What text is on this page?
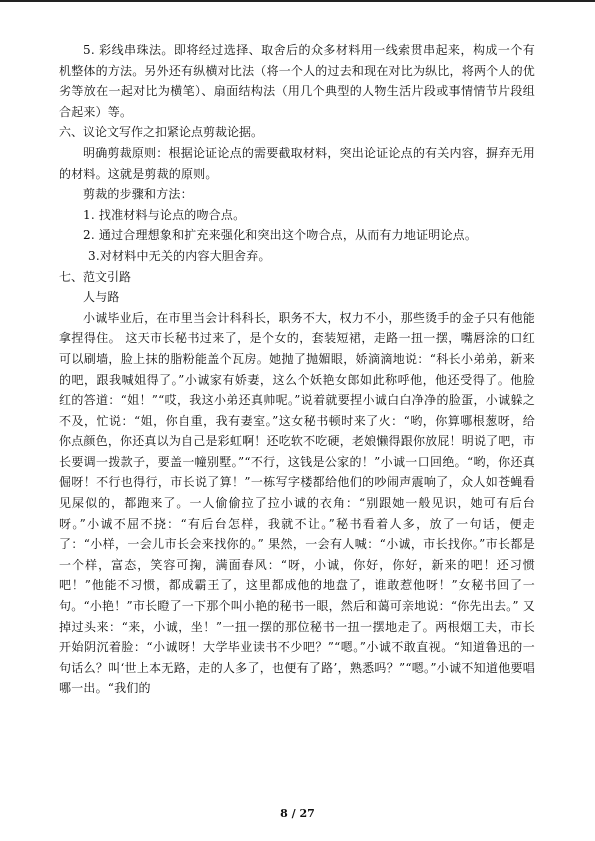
5. 彩线串珠法。即将经过选择、取舍后的众多材料用一线索贯串起来，构成一个有机整体的方法。另外还有纵横对比法（将一个人的过去和现在对比为纵比，将两个人的优劣等放在一起对比为横笔）、扇面结构法（用几个典型的人物生活片段或事情情节片段组合起来）等。

六、议论文写作之扣紧论点剪裁论据。

明确剪裁原则：根据论证论点的需要截取材料，突出论证论点的有关内容，摒弃无用的材料。这就是剪裁的原则。

剪裁的步骤和方法：

1. 找准材料与论点的吻合点。

2. 通过合理想象和扩充来强化和突出这个吻合点，从而有力地证明论点。

3.对材料中无关的内容大胆舍弃。

七、范文引路

人与路

小诚毕业后，在市里当会计科科长，职务不大，权力不小，那些烫手的金子只有他能拿捏得住。 这天市长秘书过来了，是个女的，套装短裙，走路一扭一摆，嘴唇涂的口红可以刷墙，脸上抹的脂粉能盖个瓦房。她抛了抛媚眼，娇滴滴地说：“科长小弟弟，新来的吧，跟我喊姐得了。”小诚家有娇妻，这么个妖艳女郎如此称呼他，他还受得了。他脸红的答道：“姐！”“哎，我这小弟还真帅呢。”说着就要捏小诚白白净净的脸蛋，小诚躲之不及，忙说：“姐，你自重，我有妻室。”这女秘书顿时来了火：“哟，你算哪根葱呀，给你点颜色，你还真以为自己是彩虹啊！还吃软不吃硬，老娘懒得跟你放屁！明说了吧，市长要调一拨款子，要盖一幢别墅。”“不行，这钱是公家的！”小诚一口回绝。“哟，你还真倔呀！不行也得行，市长说了算！”一栋写字楼都给他们的吵闹声震响了，众人如苍蝇看见屎似的，都跑来了。一人偷偷拉了拉小诚的衣角：“别跟她一般见识，她可有后台呀。”小诚不屈不挠：“有后台怎样，我就不让。”秘书看着人多，放了一句话，便走了：“小样，一会儿市长会来找你的。” 果然，一会有人喊：“小诚，市长找你。”市长都是一个样，富态，笑容可掬，满面春风：“呀，小诚，你好，你好，新来的吧！还习惯吧！”他能不习惯，都成霸王了，这里都成他的地盘了，谁敢惹他呀！”女秘书回了一句。“小艳！”市长瞪了一下那个叫小艳的秘书一眼，然后和蔼可亲地说：“你先出去。” 又掉过头来：“来，小诚，坐！”一扭一摆的那位秘书一扭一摆地走了。两根烟工夫，市长开始阴沉着脸：“小诚呀！大学毕业读书不少吧？”“嗯。”小诚不敢直视。“知道鲁迅的一句话么？叫‘世上本无路，走的人多了，也便有了路’，熟悉吗？”“嗯。”小诚不知道他要唱哪一出。“我们的

8 / 27
